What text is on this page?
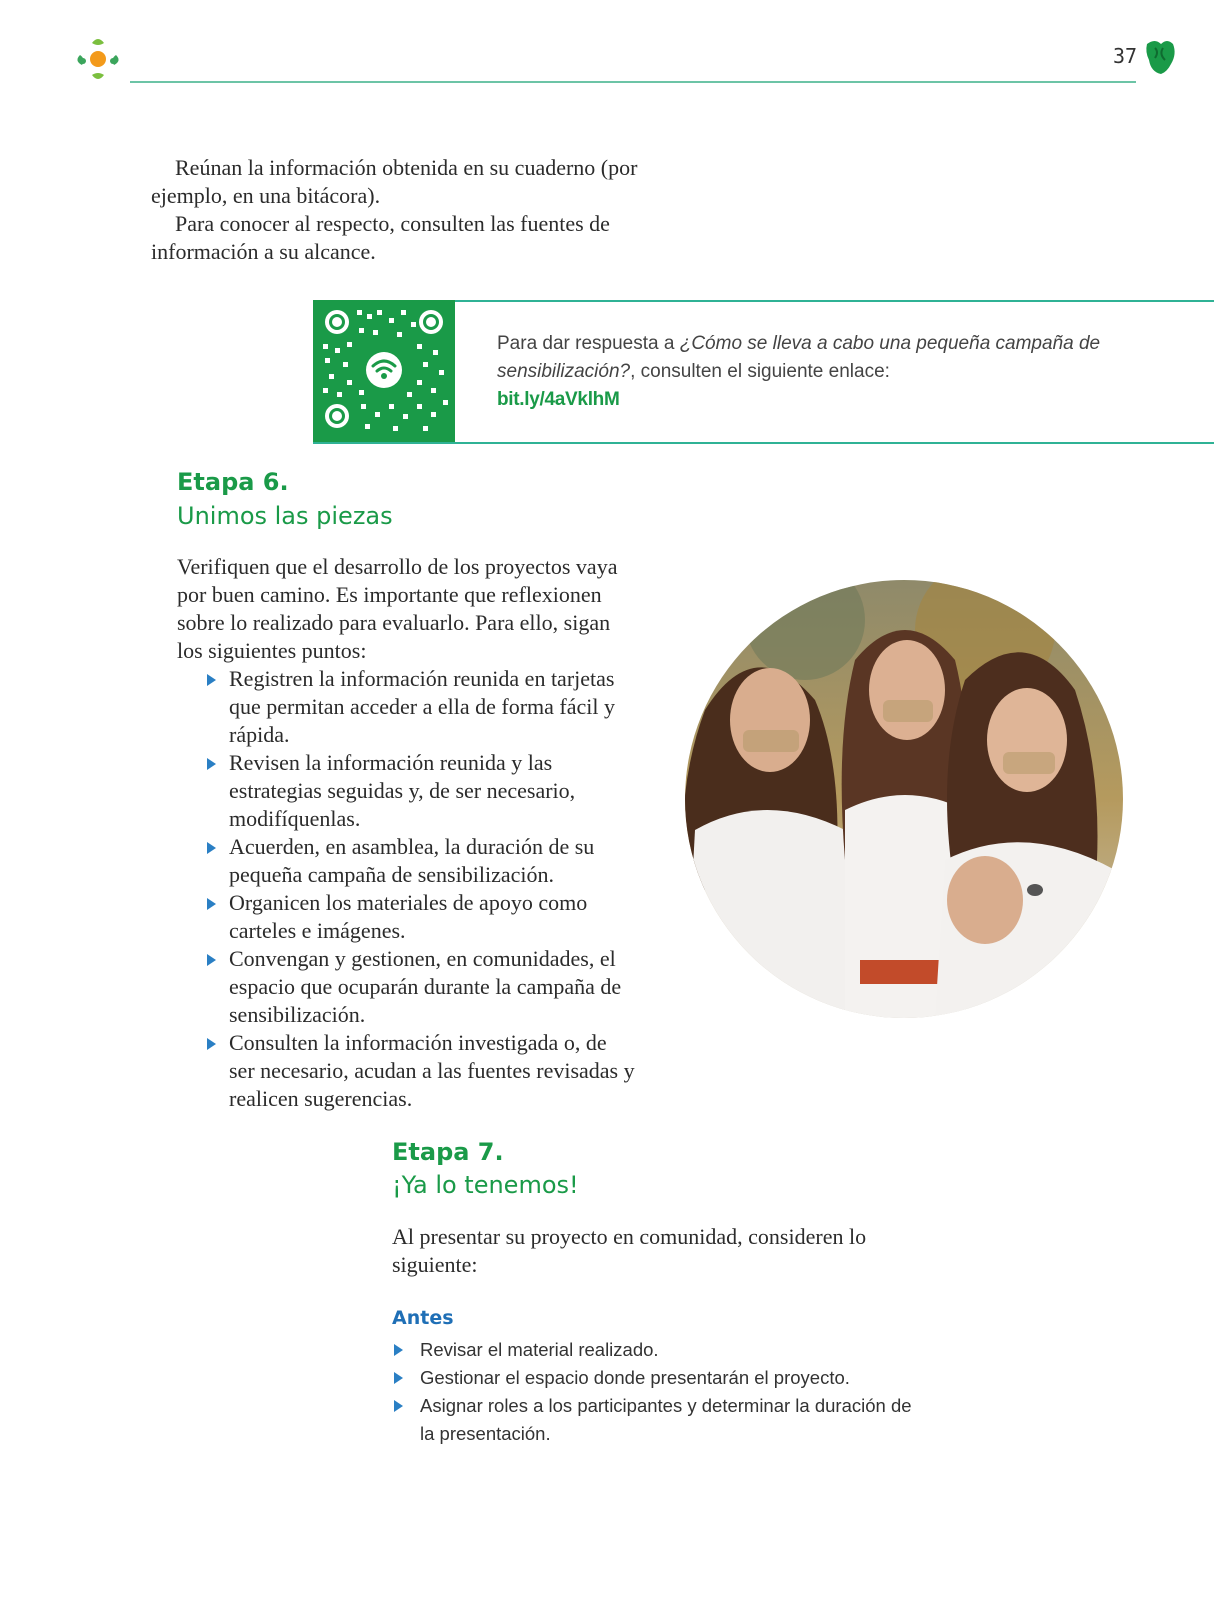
37

Reúnan la información obtenida en su cuaderno (por ejemplo, en una bitácora).

Para conocer al respecto, consulten las fuentes de información a su alcance.

Para dar respuesta a ¿Cómo se lleva a cabo una pequeña campaña de sensibilización?, consulten el siguiente enlace:
bit.ly/4aVklhM
Etapa 6.
Unimos las piezas

Verifiquen que el desarrollo de los proyectos vaya por buen camino. Es importante que reflexionen sobre lo realizado para evaluarlo. Para ello, sigan los siguientes puntos:

Registren la información reunida en tarjetas que permitan acceder a ella de forma fácil y rápida.
Revisen la información reunida y las estrategias seguidas y, de ser necesario, modifíquenlas.
Acuerden, en asamblea, la duración de su pequeña campaña de sensibilización.
Organicen los materiales de apoyo como carteles e imágenes.
Convengan y gestionen, en comunidades, el espacio que ocuparán durante la campaña de sensibilización.
Consulten la información investigada o, de ser necesario, acudan a las fuentes revisadas y realicen sugerencias.
Etapa 7.
¡Ya lo tenemos!
Al presentar su proyecto en comunidad, consideren lo siguiente:
Antes
Revisar el material realizado.
Gestionar el espacio donde presentarán el proyecto.
Asignar roles a los participantes y determinar la duración de la presentación.
